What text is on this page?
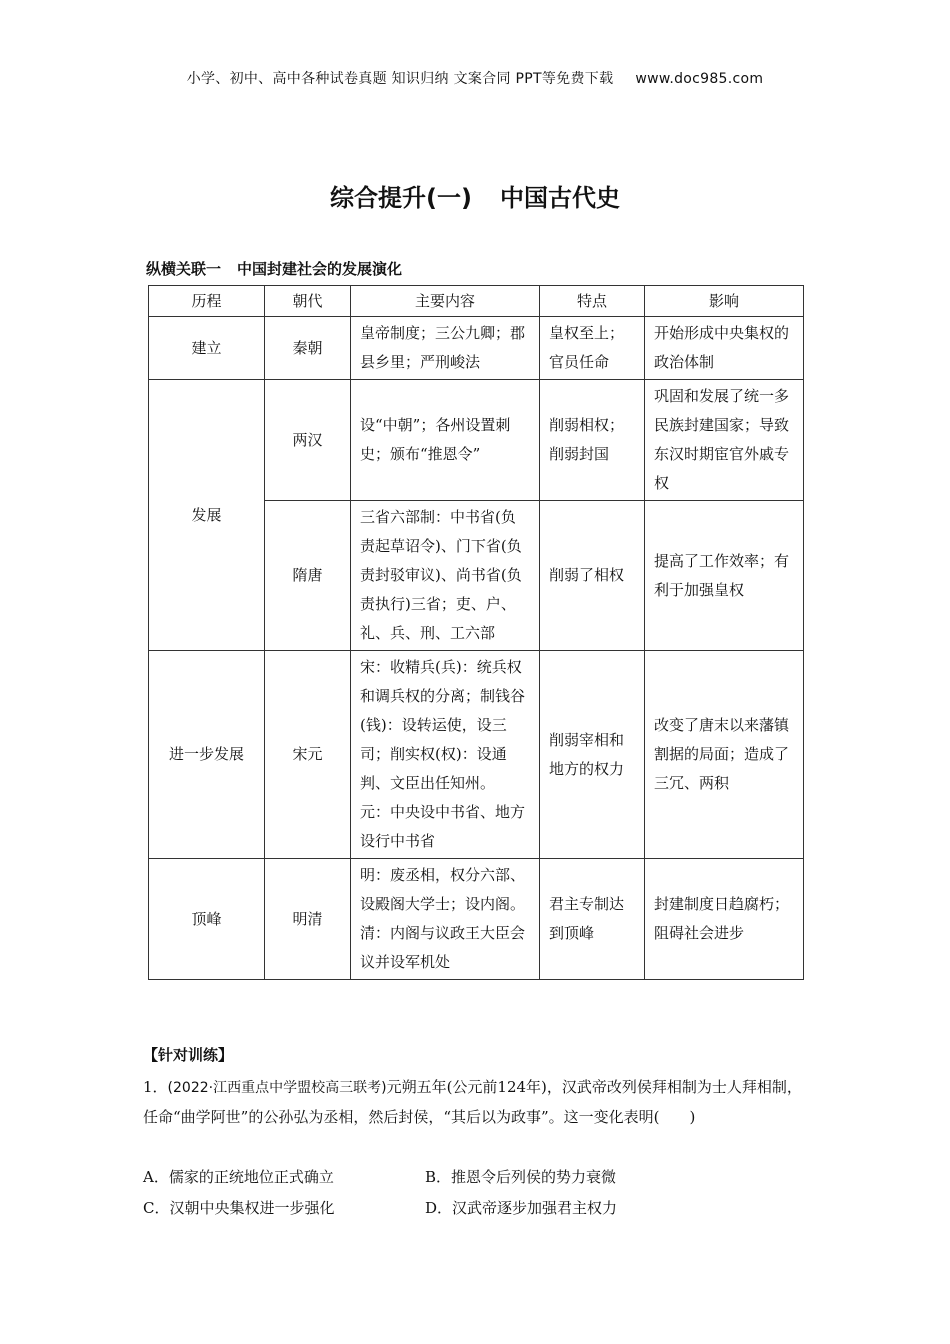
小学、初中、高中各种试卷真题 知识归纳 文案合同 PPT等免费下载 www.doc985.com
综合提升(一) 中国古代史
纵横关联一 中国封建社会的发展演化
历程	朝代	主要内容	特点	影响
建立	秦朝	皇帝制度；三公九卿；郡县乡里；严刑峻法	皇权至上；官员任命	开始形成中央集权的政治体制
发展	两汉	设“中朝”；各州设置刺史；颁布“推恩令”	削弱相权；削弱封国	巩固和发展了统一多民族封建国家；导致东汉时期宦官外戚专权
	隋唐	三省六部制：中书省(负责起草诏令)、门下省(负责封驳审议)、尚书省(负责执行)三省；吏、户、礼、兵、刑、工六部	削弱了相权	提高了工作效率；有利于加强皇权
进一步发展	宋元	宋：收精兵(兵)：统兵权和调兵权的分离；制钱谷(钱)：设转运使，设三司；削实权(权)：设通判、文臣出任知州。
元：中央设中书省、地方设行中书省	削弱宰相和地方的权力	改变了唐末以来藩镇割据的局面；造成了三冗、两积
顶峰	明清	明：废丞相，权分六部、设殿阁大学士；设内阁。清：内阁与议政王大臣会议并设军机处	君主专制达到顶峰	封建制度日趋腐朽；阻碍社会进步
【针对训练】
1．(2022·江西重点中学盟校高三联考)元朔五年(公元前124年)，汉武帝改列侯拜相制为士人拜相制，任命“曲学阿世”的公孙弘为丞相，然后封侯，“其后以为政事”。这一变化表明(　　)
A．儒家的正统地位正式确立	B．推恩令后列侯的势力衰微
C．汉朝中央集权进一步强化	D．汉武帝逐步加强君主权力
